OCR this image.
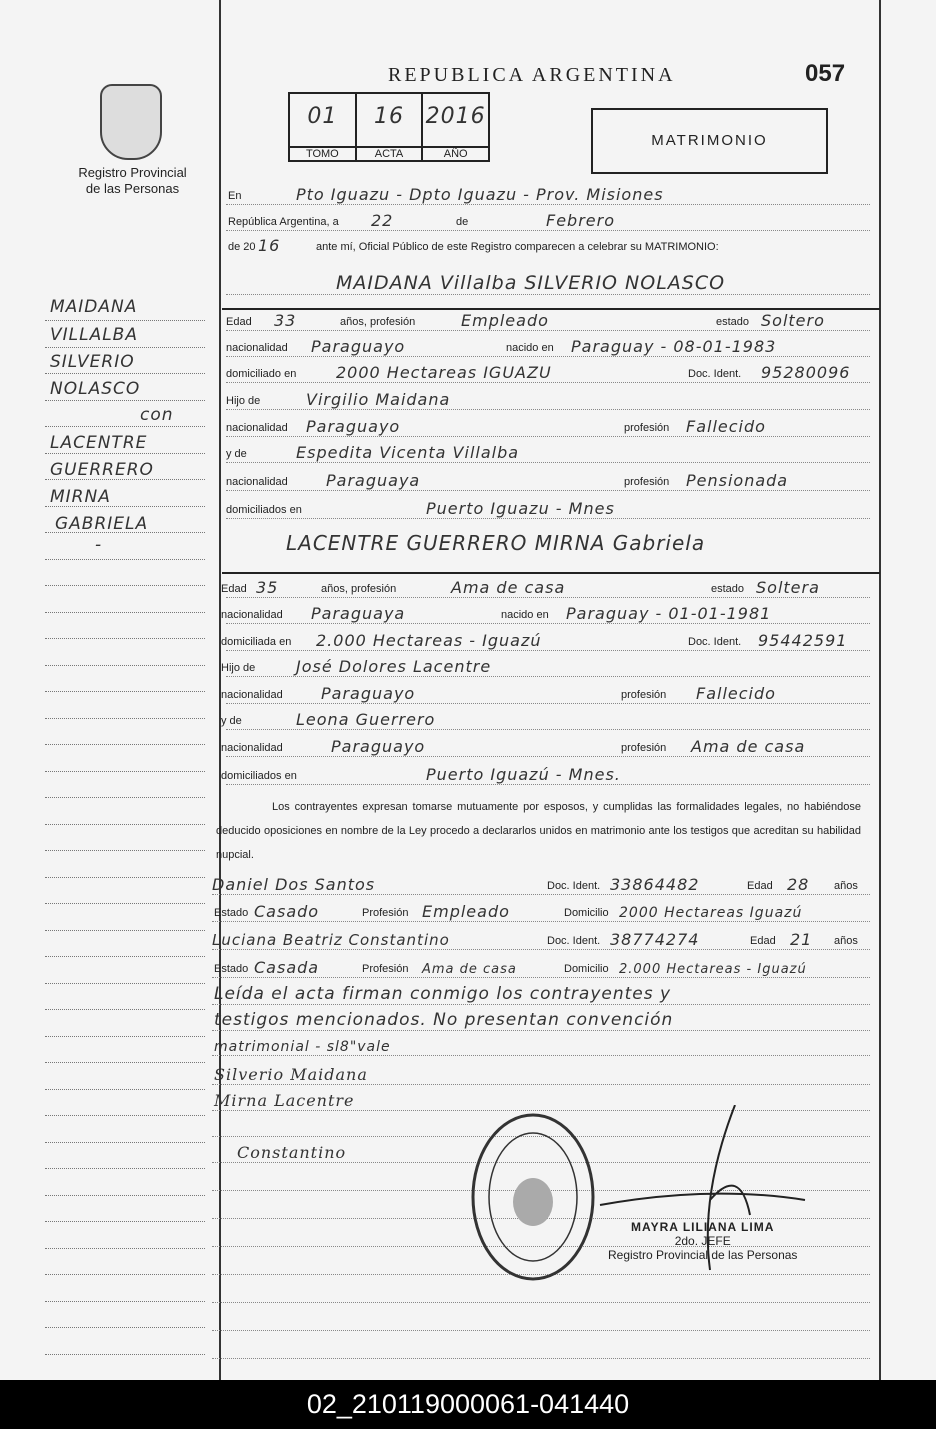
Registro Provincial
de las Personas
REPUBLICA ARGENTINA	057
01
TOMO
16
ACTA
2016
AÑO
MATRIMONIO
En	Pto Iguazu - Dpto Iguazu - Prov. Misiones
República Argentina, a 22	de	Febrero
de 20 16	ante mí, Oficial Público de este Registro comparecen a celebrar su MATRIMONIO:
MAIDANA Villalba SILVERIO NOLASCO
Edad 33	años, profesión	Empleado	estado Soltero
nacionalidad Paraguayo	nacido en Paraguay - 08-01-1983
domiciliado en 2000 Hectareas IGUAZU	Doc. Ident. 95280096
Hijo de	Virgilio Maidana
nacionalidad Paraguayo	profesión Fallecido
y de	Espedita Vicenta Villalba
nacionalidad Paraguaya	profesión Pensionada
domiciliados en	Puerto Iguazu - Mnes
LACENTRE GUERRERO MIRNA Gabriela
Edad 35	años, profesión	Ama de casa	estado Soltera
nacionalidad Paraguaya	nacido en Paraguay - 01-01-1981
domiciliada en 2.000 Hectareas - Iguazú	Doc. Ident. 95442591
Hijo de	José Dolores Lacentre
nacionalidad Paraguayo	profesión Fallecido
y de	Leona Guerrero
nacionalidad	Paraguayo	profesión Ama de casa
domiciliados en	Puerto Iguazú - Mnes.
Los contrayentes expresan tomarse mutuamente por esposos, y cumplidas las formalidades legales, no habiéndose deducido oposiciones en nombre de la Ley procedo a declararlos unidos en matrimonio ante los testigos que acreditan su habilidad nupcial.
Daniel Dos Santos	Doc. Ident. 33864482	Edad 28 años
Estado Casado	Profesión Empleado	Domicilio 2000 Hectareas Iguazú
Luciana Beatriz Constantino	Doc. Ident. 38774274	Edad 21 años
Estado Casada	Profesión Ama de casa	Domicilio 2.000 Hectareas - Iguazú
Leída el acta firman conmigo los contrayentes y
testigos mencionados. No presentan convención
matrimonial - sl8"vale
Silverio Maidana
Mirna Lacentre
Constantino
MAYRA LILIANA LIMA
2do. JEFE
Registro Provincial de las Personas
MAIDANA
VILLALBA
SILVERIO
NOLASCO
con
LACENTRE
GUERRERO
MIRNA
GABRIELA
-
02_210119000061-041440
